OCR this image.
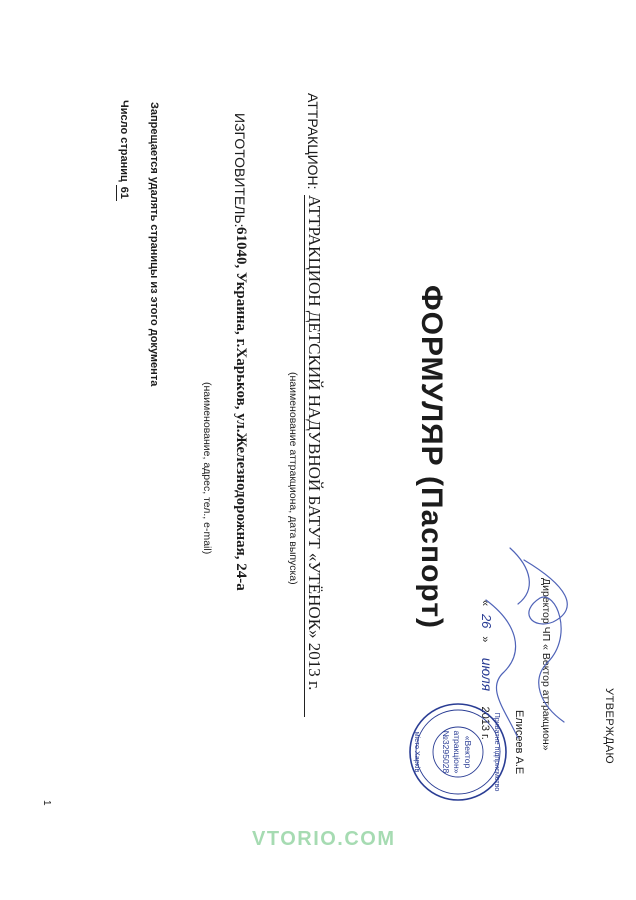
УТВЕРЖДАЮ
Директор ЧП « Вектор аттракцион»
Елисеев А.Е
« 26 » июля 2013 г.
ФОРМУЛЯР (Паспорт)
АТТРАКЦИОН:
АТТРАКЦИОН ДЕТСКИЙ НАДУВНОЙ БАТУТ «УТЁНОК» 2013 г.
(наименование аттракциона, дата выпуска)
ИЗГОТОВИТЕЛЬ:
61040, Украина, г.Харьков, ул.Железнодорожная, 24-а
(наименование, адрес, тел., e-mail)
Запрещается удалять страницы из этого документа
Число страниц 61
1
Приватне підприємство
«Вектор
атракціон»
№3295028
місто Харків
VTORIO.COM
